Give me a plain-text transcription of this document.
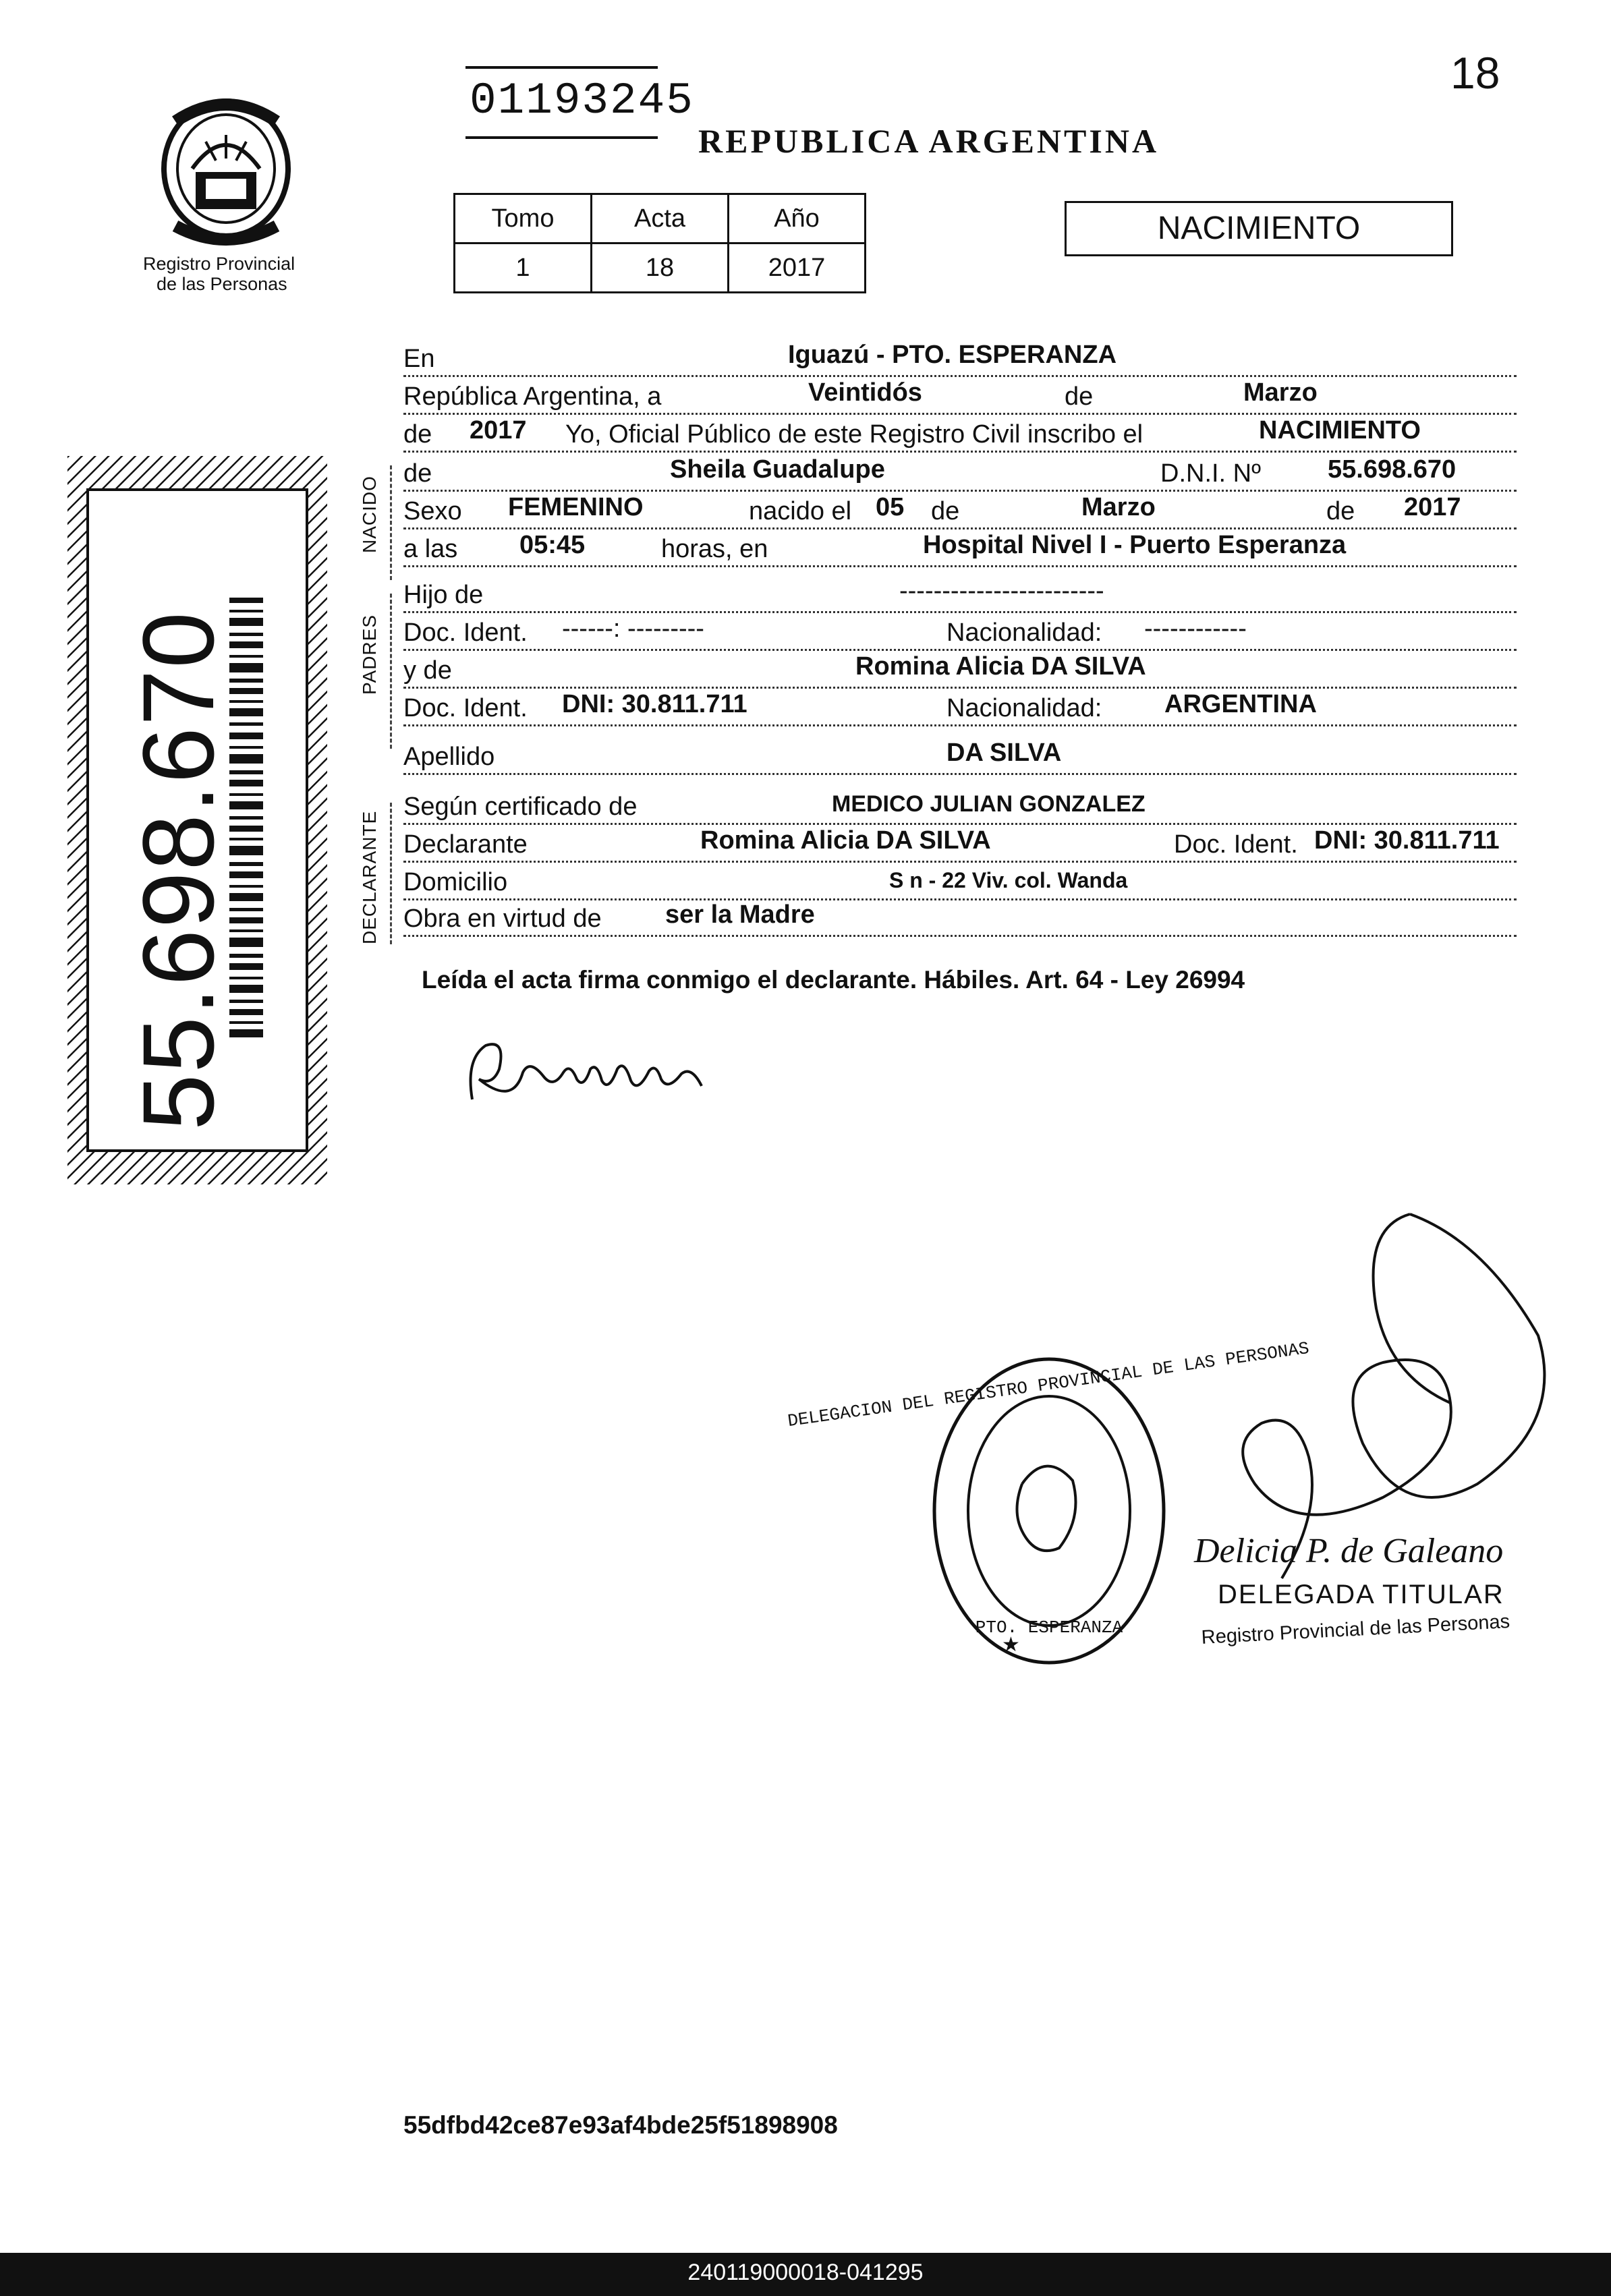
18
01193245
REPUBLICA ARGENTINA
Registro Provincial
de las Personas
Tomo	Acta	Año
1	18	2017
NACIMIENTO
55.698.670
NACIDO
PADRES
DECLARANTE
En	Iguazú - PTO. ESPERANZA
República Argentina, a	Veintidós	de	Marzo
de 2017 Yo, Oficial Público de este Registro Civil inscribo el	NACIMIENTO
de	Sheila Guadalupe	D.N.I. Nº	55.698.670
Sexo FEMENINO	nacido el 05 de	Marzo	de 2017
a las 05:45	horas, en	Hospital Nivel I - Puerto Esperanza
Hijo de	------------------------
Doc. Ident. ------: ---------	Nacionalidad: ------------
y de	Romina Alicia DA SILVA
Doc. Ident. DNI: 30.811.711	Nacionalidad: ARGENTINA
Apellido	DA SILVA
Según certificado de	MEDICO JULIAN GONZALEZ
Declarante	Romina Alicia DA SILVA	Doc. Ident. DNI: 30.811.711
Domicilio	S n - 22 Viv. col. Wanda
Obra en virtud de ser la Madre
Leída el acta firma conmigo el declarante. Hábiles. Art. 64 - Ley 26994
DELEGACION DEL REGISTRO PROVINCIAL DE LAS PERSONAS
PTO. ESPERANZA
★
Delicia P. de Galeano
DELEGADA TITULAR
Registro Provincial de las Personas
55dfbd42ce87e93af4bde25f51898908
240119000018-041295
